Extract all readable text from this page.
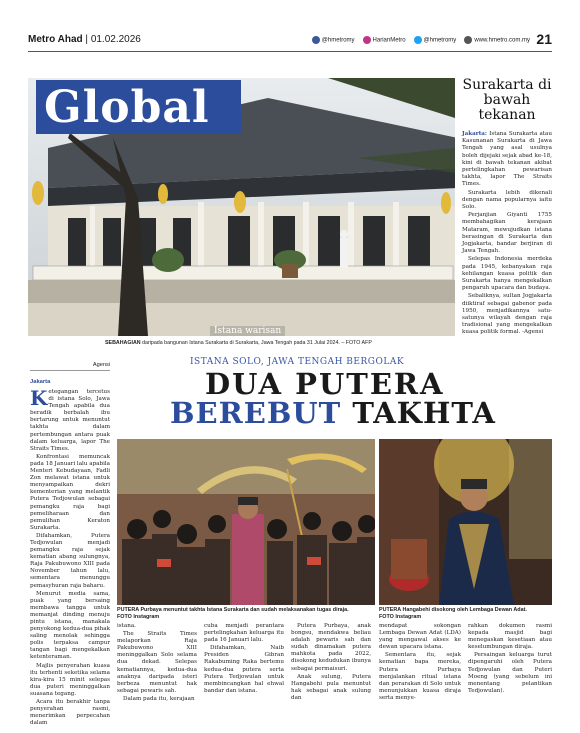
Metro Ahad | 01.02.2026	@hmetromy	HarianMetro	@hmetromy	www.hmetro.com.my 21
Global
Istana warisan
SEBAHAGIAN daripada bangunan Istana Surakarta di Surakarta, Jawa Tengah pada 31 Julai 2024. – FOTO AFP
Surakarta di bawah tekanan

Jakarta: Istana Surakarta atau Kasunanan Surakarta di Jawa Tengah yang asal usulnya boleh dijejaki sejak abad ke-18, kini di bawah tekanan akibat pertelingkahan pewarisan takhta, lapor The Straits Times.

Surakarta lebih dikenali dengan nama popularnya iaitu Solo.

Perjanjian Giyanti 1755 membahagikan kerajaan Mataram, mewujudkan istana berasingan di Surakarta dan Jogjakarta, bandar berjiran di Jawa Tengah.

Selepas Indonesia merdeka pada 1945, kebanyakan raja kehilangan kuasa politik dan Surakarta hanya mengekalkan pengaruh upacara dan budaya.

Sebaliknya, sultan Jogjakarta diiktiraf sebagai gabenor pada 1950, menjadikannya satu-satunya wilayah dengan raja tradisional yang mengekalkan kuasa politik formal. -Agensi

ISTANA SOLO, JAWA TENGAH BERGOLAK
DUA PUTERA
BEREBUT TAKHTA
Agensi
Jakarta

Ketegangan tercetus di istana Solo, Jawa Tengah apabila dua beradik berbalah ibu bertarung untuk menuntut takhta dalam pertembungan antara puak dalam keluarga, lapor The Straits Times.

Konfrontasi memuncak pada 18 Januari lalu apabila Menteri Kebudayaan, Fadli Zon melawat istana untuk menyampaikan dekri kementerian yang melantik Putera Tedjowulan sebagai pemangku raja bagi pemeliharaan dan pemulihan Keraton Surakarta.

Difahamkan, Putera Tedjowulan menjadi pemangku raja sejak kematian abang sulungnya, Raja Pakubuwono XIII pada November tahun lalu, sementara menunggu pemasyhuran raja baharu.

Menurut media sama, puak yang bersaing membawa tangga untuk memanjat dinding menuju pintu istana, manakala penyokong kedua-dua pihak saling menolak sehingga polis terpaksa campur tangan bagi mengekalkan ketenteraman.

Majlis penyerahan kuasa itu terhenti seketika selama kira-kira 15 minit selepas dua puteri meninggalkan suasana tegang.

Acara itu berakhir tanpa penyerahan rasmi, menerimkan perpecahan dalam

PUTERA Purbaya menuntut takhta Istana Surakarta dan sudah melaksanakan tugas diraja.
FOTO Instagram
PUTERA Hangabehi disokong oleh Lembaga Dewan Adat.
FOTO Instagram

istana.

The Straits Times melaporkan Raja Pakubuwono XIII meninggalkan Solo selama dua dekad. Selepas kematiannya, kedua-dua anaknya daripada isteri berbeza menuntut hak sebagai pewaris sah.

Dalam pada itu, kerajaan

cuba menjadi perantara pertelingkahan keluarga itu pada 16 Januari lalu.

Difahamkan, Naib Presiden Gibran Rakabuming Raka bertemu kedua-dua putera serta Putera Tedjowulan untuk membincangkan hal ehwal bandar dan istana.

Putera Purbaya, anak bongsu, mendakwa beliau adalah pewaris sah dan sudah dinamakan putera mahkota pada 2022, disokong kedudukan ibunya sebagai permaisuri.

Anak sulung, Putera Hangabehi pula menuntut hak sebagai anak sulung dan

mendapat sokongan Lembaga Dewan Adat (LDA) yang mengawal akses ke dewan upacara istana.

Sementara itu, sejak kematian bapa mereka, Putera Purbaya menjalankan ritual istana dan perarakan di Solo untuk menunjukkan kuasa diraja serta menye-

rahkan dokumen rasmi kepada masjid bagi menegaskan kesetiaan atau keselumbungan diraja.

Persaingan keluarga turut dipengaruhi oleh Putera Tedjowulan dan Puteri Moeng (yang sebelum ini menentang pelantikan Tedjowulan).
